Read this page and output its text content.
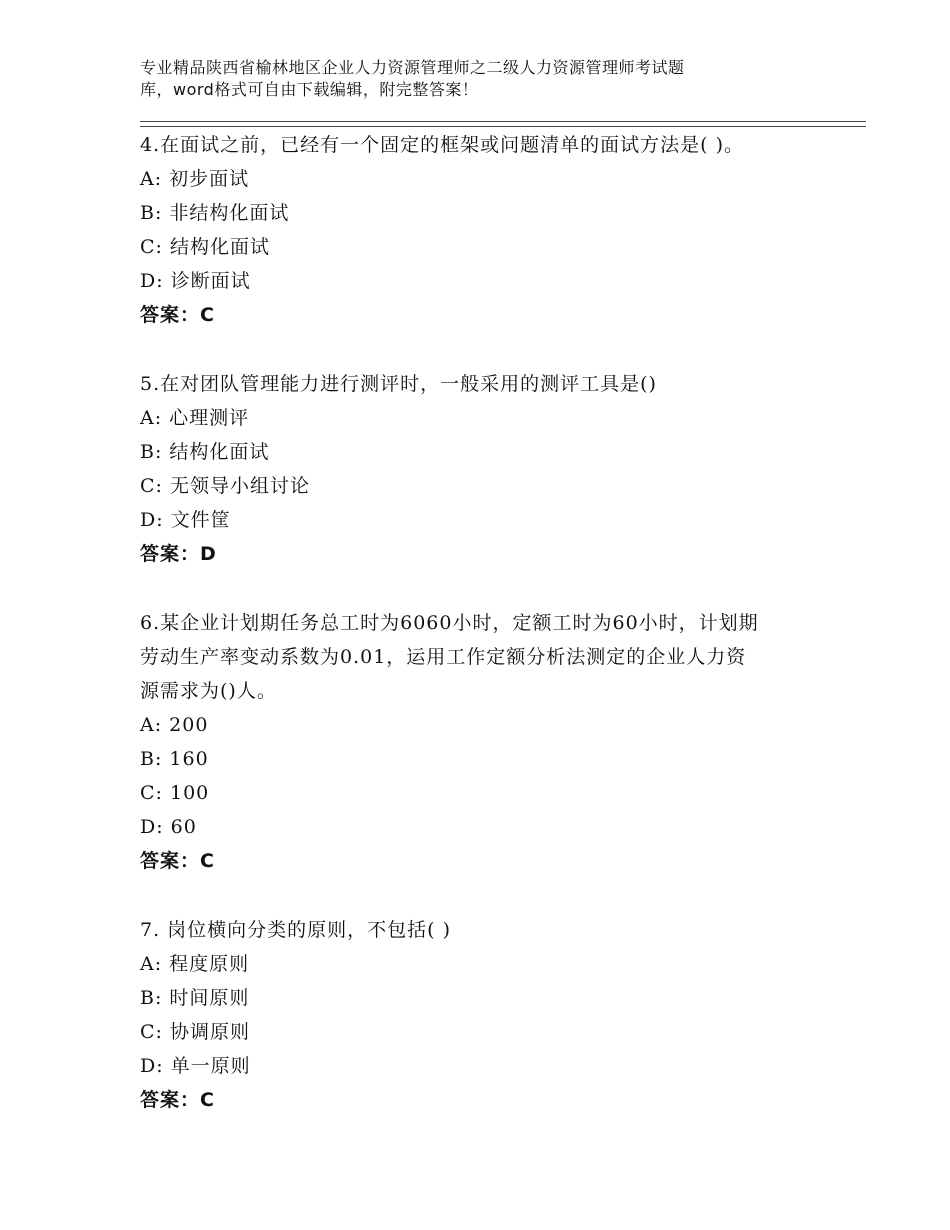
专业精品陕西省榆林地区企业人力资源管理师之二级人力资源管理师考试题
库，word格式可自由下载编辑，附完整答案！
4.在面试之前，已经有一个固定的框架或问题清单的面试方法是( )。
A: 初步面试
B: 非结构化面试
C: 结构化面试
D: 诊断面试
答案：C
5.在对团队管理能力进行测评时，一般采用的测评工具是()
A: 心理测评
B: 结构化面试
C: 无领导小组讨论
D: 文件筐
答案：D
6.某企业计划期任务总工时为6060小时，定额工时为60小时，计划期
劳动生产率变动系数为0.01，运用工作定额分析法测定的企业人力资
源需求为()人。
A: 200
B: 160
C: 100
D: 60
答案：C
7. 岗位横向分类的原则，不包括( )
A: 程度原则
B: 时间原则
C: 协调原则
D: 单一原则
答案：C
